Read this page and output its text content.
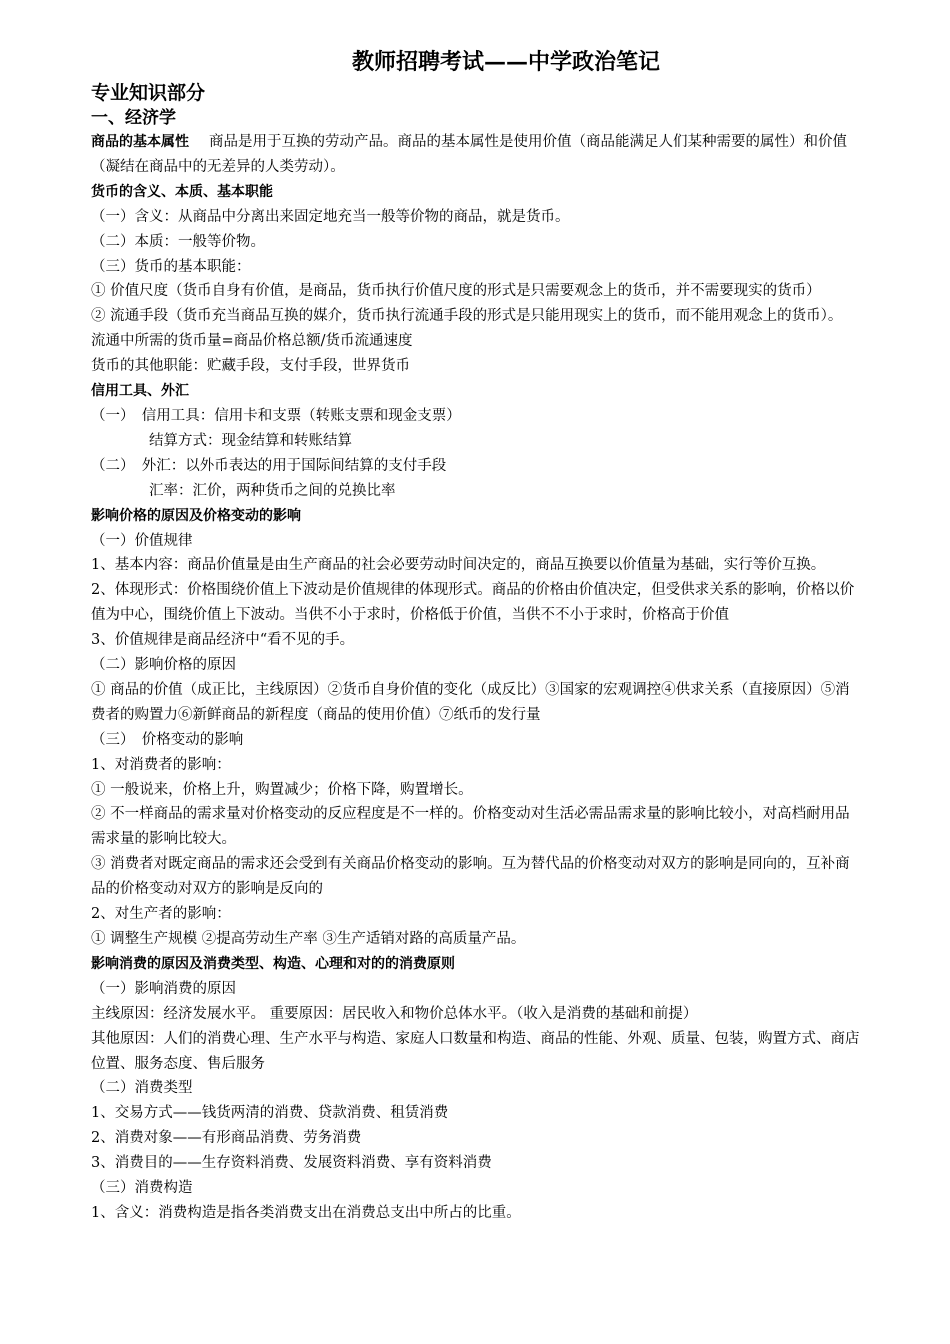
教师招聘考试——中学政治笔记
专业知识部分
一、经济学

商品的基本属性 商品是用于互换的劳动产品。商品的基本属性是使用价值（商品能满足人们某种需要的属性）和价值（凝结在商品中的无差异的人类劳动）。

货币的含义、本质、基本职能

（一）含义：从商品中分离出来固定地充当一般等价物的商品，就是货币。

（二）本质：一般等价物。

（三）货币的基本职能：

① 价值尺度（货币自身有价值，是商品，货币执行价值尺度的形式是只需要观念上的货币，并不需要现实的货币）

② 流通手段（货币充当商品互换的媒介，货币执行流通手段的形式是只能用现实上的货币，而不能用观念上的货币）。

流通中所需的货币量=商品价格总额/货币流通速度

货币的其他职能：贮藏手段，支付手段，世界货币

信用工具、外汇

（一）　信用工具：信用卡和支票（转账支票和现金支票）

结算方式：现金结算和转账结算

（二）　外汇：以外币表达的用于国际间结算的支付手段

汇率：汇价，两种货币之间的兑换比率

影响价格的原因及价格变动的影响

（一）价值规律

1、基本内容：商品价值量是由生产商品的社会必要劳动时间决定的，商品互换要以价值量为基础，实行等价互换。

2、体现形式：价格围绕价值上下波动是价值规律的体现形式。商品的价格由价值决定，但受供求关系的影响，价格以价值为中心，围绕价值上下波动。当供不小于求时，价格低于价值，当供不不小于求时，价格高于价值

3、价值规律是商品经济中“看不见的手。

（二）影响价格的原因

① 商品的价值（成正比，主线原因）②货币自身价值的变化（成反比）③国家的宏观调控④供求关系（直接原因）⑤消费者的购置力⑥新鲜商品的新程度（商品的使用价值）⑦纸币的发行量

（三）　价格变动的影响

1、对消费者的影响：

① 一般说来，价格上升，购置减少；价格下降，购置增长。

② 不一样商品的需求量对价格变动的反应程度是不一样的。价格变动对生活必需品需求量的影响比较小，对高档耐用品需求量的影响比较大。

③ 消费者对既定商品的需求还会受到有关商品价格变动的影响。互为替代品的价格变动对双方的影响是同向的，互补商品的价格变动对双方的影响是反向的

2、对生产者的影响：

① 调整生产规模 ②提高劳动生产率 ③生产适销对路的高质量产品。

影响消费的原因及消费类型、构造、心理和对的的消费原则

（一）影响消费的原因

主线原因：经济发展水平。 重要原因：居民收入和物价总体水平。（收入是消费的基础和前提）

其他原因：人们的消费心理、生产水平与构造、家庭人口数量和构造、商品的性能、外观、质量、包装，购置方式、商店位置、服务态度、售后服务

（二）消费类型

1、交易方式——钱货两清的消费、贷款消费、租赁消费

2、消费对象——有形商品消费、劳务消费

3、消费目的——生存资料消费、发展资料消费、享有资料消费

（三）消费构造

1、含义：消费构造是指各类消费支出在消费总支出中所占的比重。
